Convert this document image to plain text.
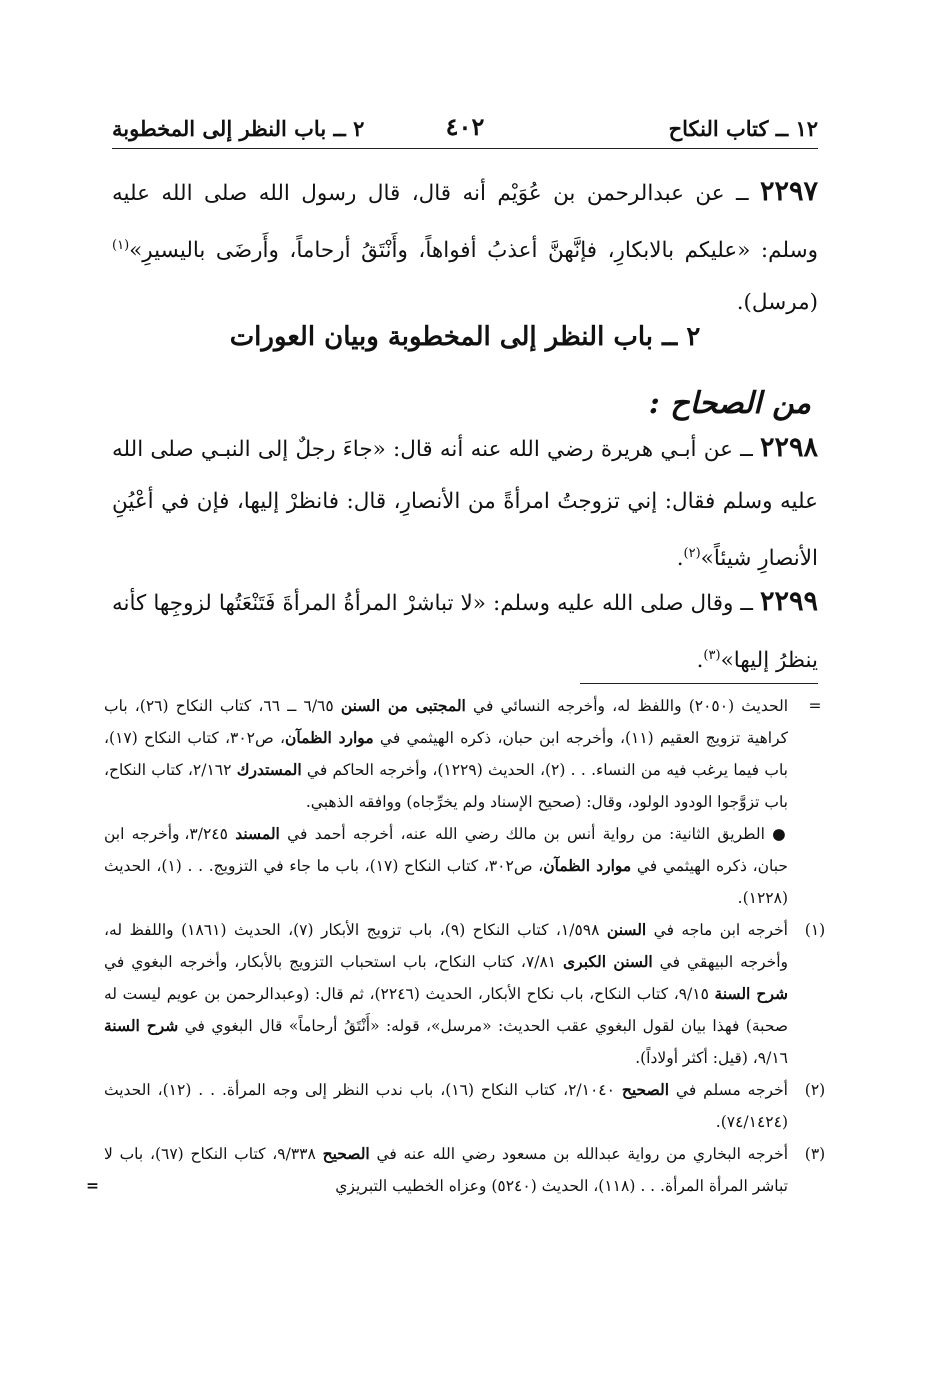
١٢ ــ كتاب النكاح
٤٠٢
٢ ــ باب النظر إلى المخطوبة
٢٢٩٧ ــ عن عبدالرحمن بن عُوَيْم أنه قال، قال رسول الله صلى الله عليه وسلم: «عليكم بالابكارِ، فإنَّهنَّ أعذبُ أفواهاً، وأَنْتَقُ أرحاماً، وأَرضَى باليسيرِ»$^{(١)}$ (مرسل).
٢ ــ باب النظر إلى المخطوبة وبيان العورات
من الصحاح :
٢٢٩٨ ــ عن أبـي هريرة رضي الله عنه أنه قال: «جاءَ رجلٌ إلى النبـي صلى الله عليه وسلم فقال: إني تزوجتُ امرأةً من الأنصارِ، قال: فانظرْ إليها، فإن في أعْيُنِ الأنصارِ شيئاً»$^{(٢)}$.
٢٢٩٩ ــ وقال صلى الله عليه وسلم: «لا تباشرْ المرأةُ المرأةَ فَتَنْعَتُها لزوجِها كأنه ينظرُ إليها»$^{(٣)}$.
=
الحديث (٢٠٥٠) واللفظ له، وأخرجه النسائي في المجتبى من السنن ٦/٦٥ ــ ٦٦، كتاب النكاح (٢٦)، باب كراهية تزويج العقيم (١١)، وأخرجه ابن حبان، ذكره الهيثمي في موارد الظمآن، ص٣٠٢، كتاب النكاح (١٧)، باب فيما يرغب فيه من النساء. . . (٢)، الحديث (١٢٢٩)، وأخرجه الحاكم في المستدرك ٢/١٦٢، كتاب النكاح، باب تزوَّجوا الودود الولود، وقال: (صحيح الإسناد ولم يخرِّجاه) ووافقه الذهبي.
● الطريق الثانية: من رواية أنس بن مالك رضي الله عنه، أخرجه أحمد في المسند ٣/٢٤٥، وأخرجه ابن حبان، ذكره الهيثمي في موارد الظمآن، ص٣٠٢، كتاب النكاح (١٧)، باب ما جاء في التزويج. . . (١)، الحديث (١٢٢٨).
(١)
أخرجه ابن ماجه في السنن ١/٥٩٨، كتاب النكاح (٩)، باب تزويج الأبكار (٧)، الحديث (١٨٦١) واللفظ له، وأخرجه البيهقي في السنن الكبرى ٧/٨١، كتاب النكاح، باب استحباب التزويج بالأبكار، وأخرجه البغوي في شرح السنة ٩/١٥، كتاب النكاح، باب نكاح الأبكار، الحديث (٢٢٤٦)، ثم قال: (وعبدالرحمن بن عويم ليست له صحبة) فهذا بيان لقول البغوي عقب الحديث: «مرسل»، قوله: «أَنْتَقُ أرحاماً» قال البغوي في شرح السنة ٩/١٦، (قيل: أكثر أولاداً).
(٢)
أخرجه مسلم في الصحيح ٢/١٠٤٠، كتاب النكاح (١٦)، باب ندب النظر إلى وجه المرأة. . . (١٢)، الحديث (٧٤/١٤٢٤).
(٣)
أخرجه البخاري من رواية عبدالله بن مسعود رضي الله عنه في الصحيح ٩/٣٣٨، كتاب النكاح (٦٧)، باب لا تباشر المرأة المرأة. . . (١١٨)، الحديث (٥٢٤٠) وعزاه الخطيب التبريزي
=
